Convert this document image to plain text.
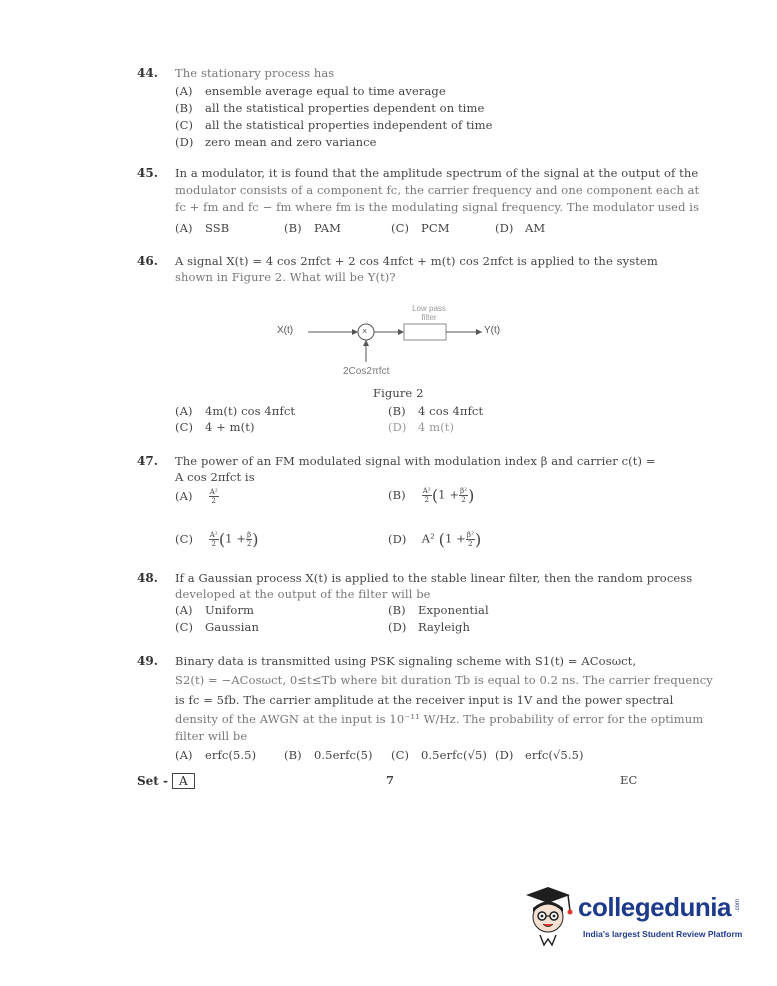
44. The stationary process has
(A) ensemble average equal to time average
(B) all the statistical properties dependent on time
(C) all the statistical properties independent of time
(D) zero mean and zero variance
45. In a modulator, it is found that the amplitude spectrum of the signal at the output of the
modulator consists of a component fc, the carrier frequency and one component each at
fc + fm and fc − fm where fm is the modulating signal frequency. The modulator used is
(A) SSB	(B) PAM	(C) PCM	(D) AM
46. A signal X(t) = 4 cos 2πfct + 2 cos 4πfct + m(t) cos 2πfct is applied to the system
shown in Figure 2. What will be Y(t)?
X(t)	×
Low pass
filter
Y(t)
2Cos2πfct
Figure 2
(A) 4m(t) cos 4πfct	(B) 4 cos 4πfct
(C) 4 + m(t)	(D) 4 m(t)
47. The power of an FM modulated signal with modulation index β and carrier c(t) =
A cos 2πfct is
$(A) \frac{\text{A²}}{2}$	$(B) \frac{\text{A²}}{2} (1 + \frac{\text{β²}}{2}$ )
$(C) \frac{\text{A²}}{2} (1 + \frac{\beta}{2}$ )	(D) A² ($1 + \frac{\text{β²}}{2}$ )
48. If a Gaussian process X(t) is applied to the stable linear filter, then the random process
developed at the output of the filter will be
(A) Uniform	(B) Exponential
(C) Gaussian	(D) Rayleigh
49. Binary data is transmitted using PSK signaling scheme with S1(t) = ACosωct,
S2(t) = −ACosωct, 0≤t≤Tb where bit duration Tb is equal to 0.2 ns. The carrier frequency
is fc = 5fb. The carrier amplitude at the receiver input is 1V and the power spectral
density of the AWGN at the input is 10⁻¹¹ W/Hz. The probability of error for the optimum
filter will be
(A) erfc(5.5) (B) 0.5erfc(5) (C) 0.5erfc(√5) (D) erfc(√5.5)
Set - A	7	EC
collegedunia .com
India's largest Student Review Platform
